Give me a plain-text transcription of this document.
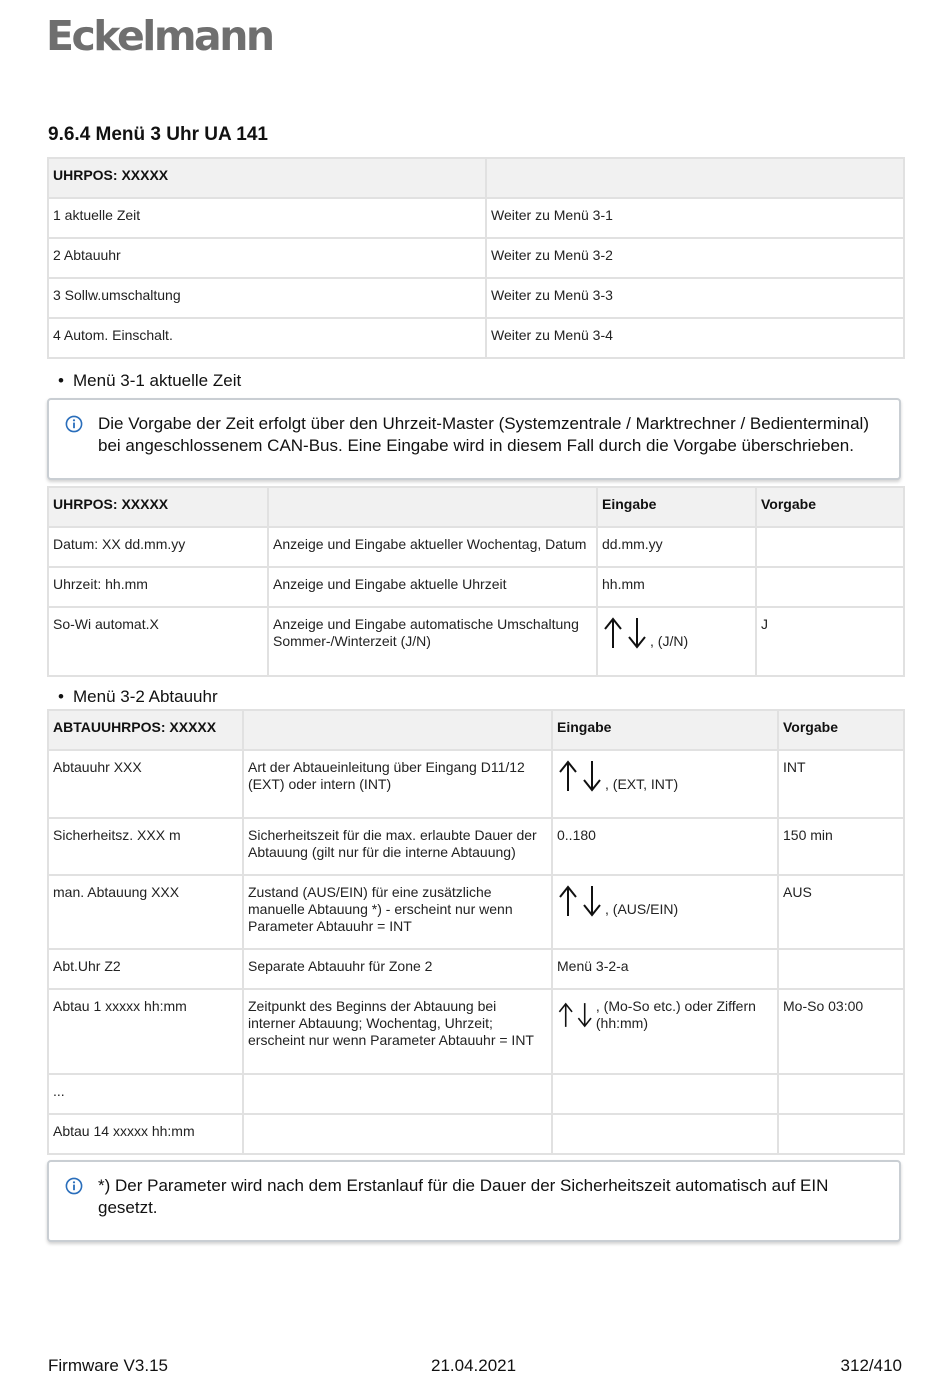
Eckelmann
9.6.4 Menü 3 Uhr UA 141
UHRPOS: XXXXX	
1 aktuelle Zeit	Weiter zu Menü 3-1
2 Abtauuhr	Weiter zu Menü 3-2
3 Sollw.umschaltung	Weiter zu Menü 3-3
4 Autom. Einschalt.	Weiter zu Menü 3-4
• Menü 3-1 aktuelle Zeit
Die Vorgabe der Zeit erfolgt über den Uhrzeit-Master (Systemzentrale / Marktrechner / Bedienterminal) bei angeschlossenem CAN-Bus. Eine Eingabe wird in diesem Fall durch die Vorgabe überschrieben.
UHRPOS: XXXXX		Eingabe	Vorgabe
Datum: XX dd.mm.yy	Anzeige und Eingabe aktueller Wochentag, Datum	dd.mm.yy	
Uhrzeit: hh.mm	Anzeige und Eingabe aktuelle Uhrzeit	hh.mm	
So-Wi automat.X	Anzeige und Eingabe automatische Umschaltung Sommer-/Winterzeit (J/N)	, (J/N)	J
• Menü 3-2 Abtauuhr
ABTAUUHRPOS: XXXXX		Eingabe	Vorgabe
Abtauuhr XXX	Art der Abtaueinleitung über Eingang D11/12 (EXT) oder intern (INT)	, (EXT, INT)	INT
Sicherheitsz. XXX m	Sicherheitszeit für die max. erlaubte Dauer der Abtauung (gilt nur für die interne Abtauung)	0..180	150 min
man. Abtauung XXX	Zustand (AUS/EIN) für eine zusätzliche manuelle Abtauung *) - erscheint nur wenn Parameter Abtauuhr = INT	, (AUS/EIN)	AUS
Abt.Uhr Z2	Separate Abtauuhr für Zone 2	Menü 3-2-a	
Abtau 1 xxxxx hh:mm	Zeitpunkt des Beginns der Abtauung bei interner Abtauung; Wochentag, Uhrzeit; erscheint nur wenn Parameter Abtauuhr = INT	, (Mo-So etc.) oder Ziffern (hh:mm)	Mo-So 03:00
...			
Abtau 14 xxxxx hh:mm			
*) Der Parameter wird nach dem Erstanlauf für die Dauer der Sicherheitszeit automatisch auf EIN gesetzt.
Firmware V3.15	21.04.2021	312/410
